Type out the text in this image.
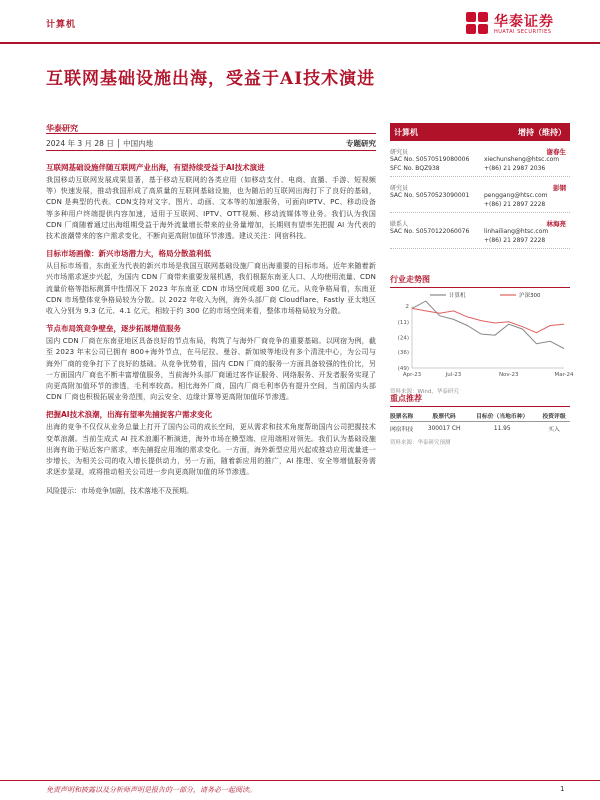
计算机	华泰证券
HUATAI SECURITIES
互联网基础设施出海，受益于AI技术演进
华泰研究
2024 年 3 月 28 日 │ 中国内地	专题研究
互联网基础设施伴随互联网产业出海，有望持续受益于AI技术演进
我国移动互联网发展成果显著，基于移动互联网的各类应用（如移动支付、电商、直播、手游、短视频等）快速发展，推动我国形成了高质量的互联网基础设施，也为随后的互联网出海打下了良好的基础，CDN 是典型的代表。CDN支持对文字、图片、动画、文本等的加速服务，可面向IPTV、PC、移动设备等多种用户终端提供内容加速，适用于互联网、IPTV、OTT视频、移动流媒体等业务。我们认为我国 CDN 厂商随着通过出海组期受益于海外流量增长带来的业务量增加，长期则有望率先把握 AI 为代表的技术浪潮带来的客户需求变化，不断向更高附加值环节渗透。建议关注：网宿科技。
目标市场画像：新兴市场潜力大，格局分散盈利低
从目标市场看，东南亚为代表的新兴市场是我国互联网基础设施厂商出海重要的目标市场。近年来随着新兴市场需求逐步兴起，为国内 CDN 厂商带来重要发展机遇，我们根据东南亚人口、人均使用流量、CDN 流量价格等指标测算中性情况下 2023 年东南亚 CDN 市场空间或超 300 亿元。从竞争格局看，东南亚 CDN 市场整体竞争格局较为分散。以 2022 年收入为例，海外头部厂商 Cloudflare、Fastly 亚太地区收入分别为 9.3 亿元、4.1 亿元，相较于约 300 亿的市场空间来看，整体市场格局较为分散。
节点布局筑竞争壁垒，逐步拓展增值服务
国内 CDN 厂商在东南亚地区具备良好的节点布局，构筑了与海外厂商竞争的重要基础。以网宿为例，截至 2023 年末公司已拥有 800+海外节点，在马尼拉、曼谷、新加坡等地设有多个清洗中心，为公司与海外厂商的竞争打下了良好的基础。从竞争优势看，国内 CDN 厂商的服务一方面具备较强的性价比，另一方面国内厂商也不断丰富增值服务，当前海外头部厂商通过客作证服务、网络服务、开发者服务实现了向更高附加值环节的渗透，毛利率较高。相比海外厂商，国内厂商毛利率仍有提升空间，当前国内头部 CDN 厂商也积极拓展业务范围，向云安全、边缘计算等更高附加值环节渗透。
把握AI技术浪潮，出海有望率先捕捉客户需求变化
出海的竞争不仅仅从业务总量上打开了国内公司的成长空间，更从需求和技术角度帮助国内公司把握技术变革浪潮。当前生成式 AI 技术浪潮不断演进，海外市场在模型端、应用端相对领先。我们认为基础设施出海有助于贴近客户需求，率先捕捉应用端的需求变化。一方面，海外新型应用兴起或推动应用流量进一步增长，为相关公司的收入增长提供动力，另一方面，随着新应用的推广，AI 推理、安全等增值服务需求逐步显现，或将推动相关公司进一步向更高附加值的环节渗透。
风险提示：市场竞争加剧，技术落地不及预期。
计算机	增持（维持）
研究员	谢春生
SAC No. S0570519080006 xiechunsheng@htsc.com
SFC No. BQZ938	+(86) 21 2987 2036
研究员	彭钢
SAC No. S0570523090001 penggang@htsc.com
+(86) 21 2897 2228
联系人	林海亮
SAC No. S0570122060076 linhailiang@htsc.com
+(86) 21 2897 2228
行业走势图
2
(11)
(24)
(36)
(49)
Apr-23	Jul-23	Nov-23	Mar-24
计算机	沪深300
资料来源：Wind，华泰研究
重点推荐
股票名称	股票代码	目标价（当地币种）	投资评级
网宿科技	300017 CH	11.95	买入
资料来源：华泰研究预测
免责声明和披露以及分析师声明是报告的一部分，请务必一起阅读。	1
